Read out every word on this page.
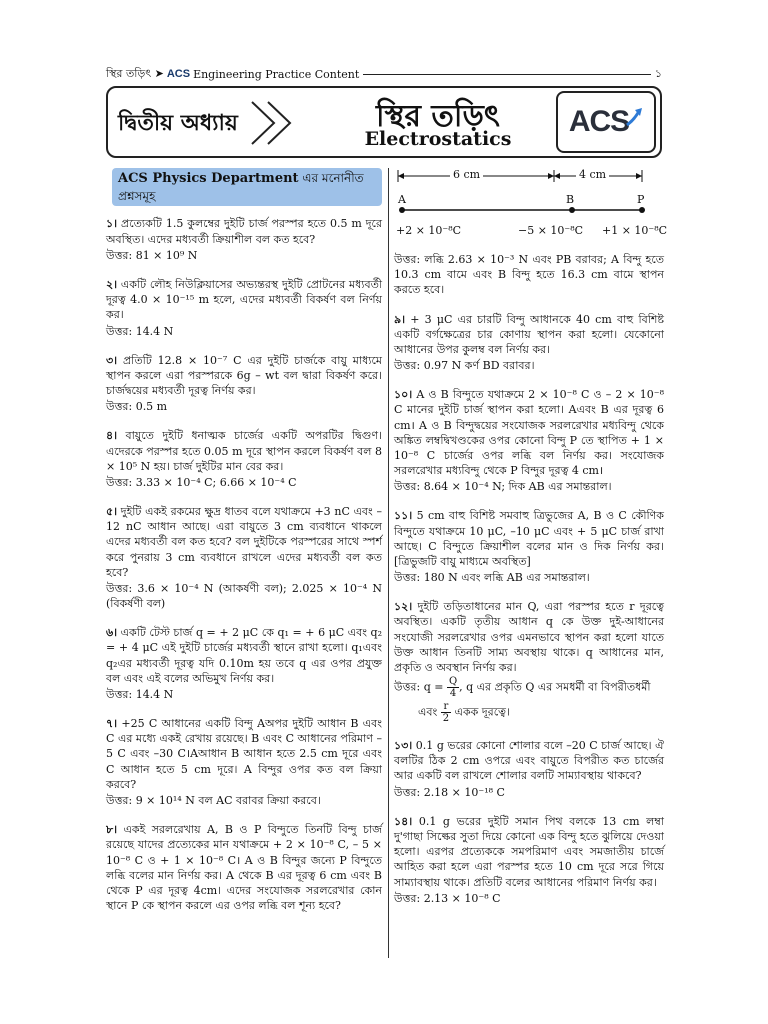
স্থির তড়িৎ ➤ ACS Engineering Practice Content	১
দ্বিতীয় অধ্যায়	স্থির তড়িৎ
Electrostatics
ACS
ACS Physics Department এর মনোনীত প্রশ্নসমূহ
১। প্রত্যেকটি 1.5 কুলম্বের দুইটি চার্জ পরস্পর হতে 0.5 m দূরে অবস্থিত। এদের মধ্যবর্তী ক্রিয়াশীল বল কত হবে?
উত্তর: 81 × 10⁹ N
২। একটি লৌহ নিউক্লিয়াসের অভ্যন্তরস্থ দুইটি প্রোটনের মধ্যবর্তী দূরত্ব 4.0 × 10⁻¹⁵ m হলে, এদের মধ্যবর্তী বিকর্ষণ বল নির্ণয় কর।
উত্তর: 14.4 N
৩। প্রতিটি 12.8 × 10⁻⁷ C এর দুইটি চার্জকে বায়ু মাধ্যমে স্থাপন করলে এরা পরস্পরকে 6g – wt বল দ্বারা বিকর্ষণ করে। চার্জদ্বয়ের মধ্যবর্তী দূরত্ব নির্ণয় কর।
উত্তর: 0.5 m
৪। বায়ুতে দুইটি ধনাত্মক চার্জের একটি অপরটির দ্বিগুণ। এদেরকে পরস্পর হতে 0.05 m দূরে স্থাপন করলে বিকর্ষণ বল 8 × 10⁵ N হয়। চার্জ দুইটির মান বের কর।
উত্তর: 3.33 × 10⁻⁴ C; 6.66 × 10⁻⁴ C
৫। দুইটি একই রকমের ক্ষুদ্র ধাতব বলে যথাক্রমে +3 nC এবং –12 nC আধান আছে। এরা বায়ুতে 3 cm ব্যবধানে থাকলে এদের মধ্যবর্তী বল কত হবে? বল দুইটিকে পরস্পরের সাথে স্পর্শ করে পুনরায় 3 cm ব্যবধানে রাখলে এদের মধ্যবর্তী বল কত হবে?
উত্তর: 3.6 × 10⁻⁴ N (আকর্ষণী বল); 2.025 × 10⁻⁴ N (বিকর্ষণী বল)
৬। একটি টেস্ট চার্জ q = + 2 μC কে q₁ = + 6 μC এবং q₂ = + 4 μC এই দুইটি চার্জের মধ্যবর্তী স্থানে রাখা হলো। q₁এবং q₂এর মধ্যবর্তী দূরত্ব যদি 0.10m হয় তবে q এর ওপর প্রযুক্ত বল এবং এই বলের অভিমুখ নির্ণয় কর।
উত্তর: 14.4 N
৭। +25 C আধানের একটি বিন্দু Aঅপর দুইটি আধান B এবং C এর মধ্যে একই রেখায় রয়েছে। B এবং C আধানের পরিমাণ –5 C এবং –30 C।Aআধান B আধান হতে 2.5 cm দূরে এবং C আধান হতে 5 cm দূরে। A বিন্দুর ওপর কত বল ক্রিয়া করবে?
উত্তর: 9 × 10¹⁴ N বল AC বরাবর ক্রিয়া করবে।
৮। একই সরলরেখায় A, B ও P বিন্দুতে তিনটি বিন্দু চার্জ রয়েছে যাদের প্রত্যেকের মান যথাক্রমে + 2 × 10⁻⁸ C, – 5 × 10⁻⁸ C ও + 1 × 10⁻⁸ C। A ও B বিন্দুর জন্যে P বিন্দুতে লব্ধি বলের মান নির্ণয় কর। A থেকে B এর দূরত্ব 6 cm এবং B থেকে P এর দূরত্ব 4cm। এদের সংযোজক সরলরেখার কোন স্থানে P কে স্থাপন করলে এর ওপর লব্ধি বল শূন্য হবে?
6 cm	4 cm
A	B	P
+2 × 10⁻⁸C	−5 × 10⁻⁸C +1 × 10⁻⁸C
উত্তর: লব্ধি 2.63 × 10⁻³ N এবং PB বরাবর; A বিন্দু হতে 10.3 cm বামে এবং B বিন্দু হতে 16.3 cm বামে স্থাপন করতে হবে।
৯। + 3 μC এর চারটি বিন্দু আধানকে 40 cm বাহু বিশিষ্ট একটি বর্গক্ষেত্রের চার কোণায় স্থাপন করা হলো। যেকোনো আধানের উপর কুলম্ব বল নির্ণয় কর।
উত্তর: 0.97 N কর্ণ BD বরাবর।
১০। A ও B বিন্দুতে যথাক্রমে 2 × 10⁻⁸ C ও – 2 × 10⁻⁸ C মানের দুইটি চার্জ স্থাপন করা হলো। Aএবং B এর দূরত্ব 6 cm। A ও B বিন্দুদ্বয়ের সংযোজক সরলরেখার মধ্যবিন্দু থেকে অঙ্কিত লম্বদ্বিখণ্ডকের ওপর কোনো বিন্দু P তে স্থাপিত + 1 × 10⁻⁸ C চার্জের ওপর লব্ধি বল নির্ণয় কর। সংযোজক সরলরেখার মধ্যবিন্দু থেকে P বিন্দুর দূরত্ব 4 cm।
উত্তর: 8.64 × 10⁻⁴ N; দিক AB এর সমান্তরাল।
১১। 5 cm বাহু বিশিষ্ট সমবাহু ত্রিভুজের A, B ও C কৌণিক বিন্দুতে যথাক্রমে 10 μC, –10 μC এবং + 5 μC চার্জ রাখা আছে। C বিন্দুতে ক্রিয়াশীল বলের মান ও দিক নির্ণয় কর। [ত্রিভুজটি বায়ু মাধ্যমে অবস্থিত]
উত্তর: 180 N এবং লব্ধি AB এর সমান্তরাল।
১২। দুইটি তড়িতাধানের মান Q, এরা পরস্পর হতে r দূরত্বে অবস্থিত। একটি তৃতীয় আধান q কে উক্ত দুই-আধানের সংযোজী সরলরেখার ওপর এমনভাবে স্থাপন করা হলো যাতে উক্ত আধান তিনটি সাম্য অবস্থায় থাকে। q আধানের মান, প্রকৃতি ও অবস্থান নির্ণয় কর।
উত্তর: $q = \frac{Q}{4}$ , q এর প্রকৃতি Q এর সমধর্মী বা বিপরীতধর্মী
এবং $\frac{r}{2}$ একক দূরত্বে।
১৩। 0.1 g ভরের কোনো শোলার বলে –20 C চার্জ আছে। ঐ বলটির ঠিক 2 cm ওপরে এবং বায়ুতে বিপরীত কত চার্জের আর একটি বল রাখলে শোলার বলটি সাম্যাবস্থায় থাকবে?
উত্তর: 2.18 × 10⁻¹⁸ C
১৪। 0.1 g ভরের দুইটি সমান পিথ বলকে 13 cm লম্বা দু'গাছা সিল্কের সুতা দিয়ে কোনো এক বিন্দু হতে ঝুলিয়ে দেওয়া হলো। এরপর প্রত্যেককে সমপরিমাণ এবং সমজাতীয় চার্জে আহিত করা হলে এরা পরস্পর হতে 10 cm দূরে সরে গিয়ে সাম্যাবস্থায় থাকে। প্রতিটি বলের আধানের পরিমাণ নির্ণয় কর।
উত্তর: 2.13 × 10⁻⁸ C
